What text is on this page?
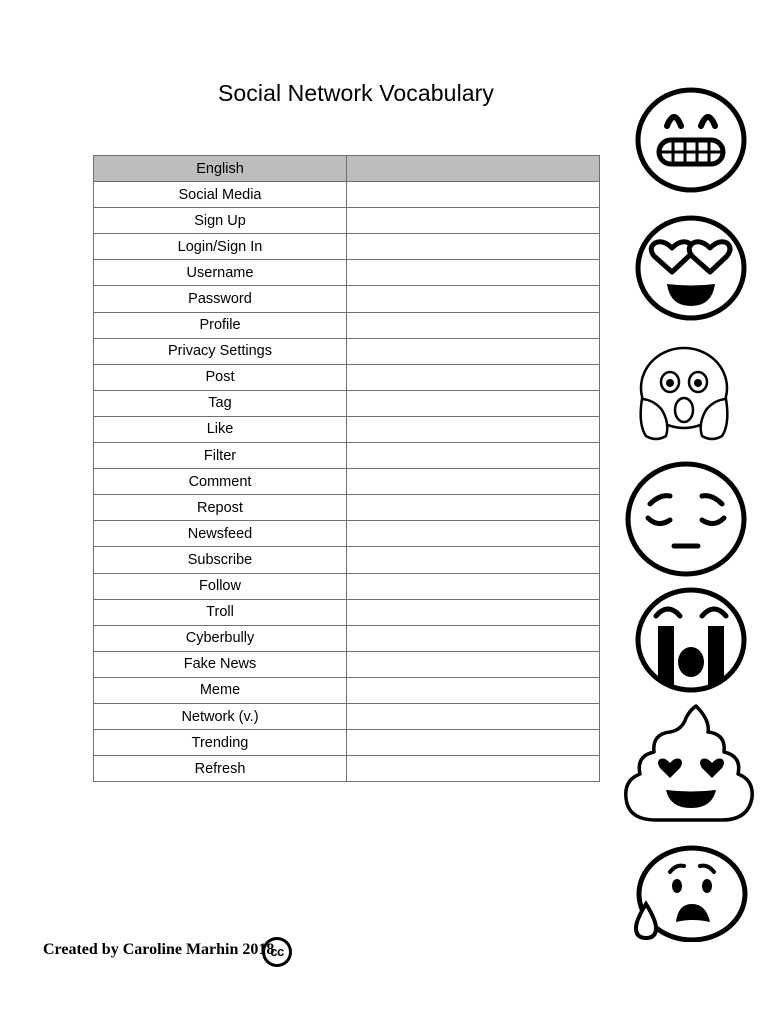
Social Network Vocabulary
English	
Social Media	
Sign Up	
Login/Sign In	
Username	
Password	
Profile	
Privacy Settings	
Post	
Tag	
Like	
Filter	
Comment	
Repost	
Newsfeed	
Subscribe	
Follow	
Troll	
Cyberbully	
Fake News	
Meme	
Network (v.)	
Trending	
Refresh	
Created by Caroline Marhin 2018
cc
